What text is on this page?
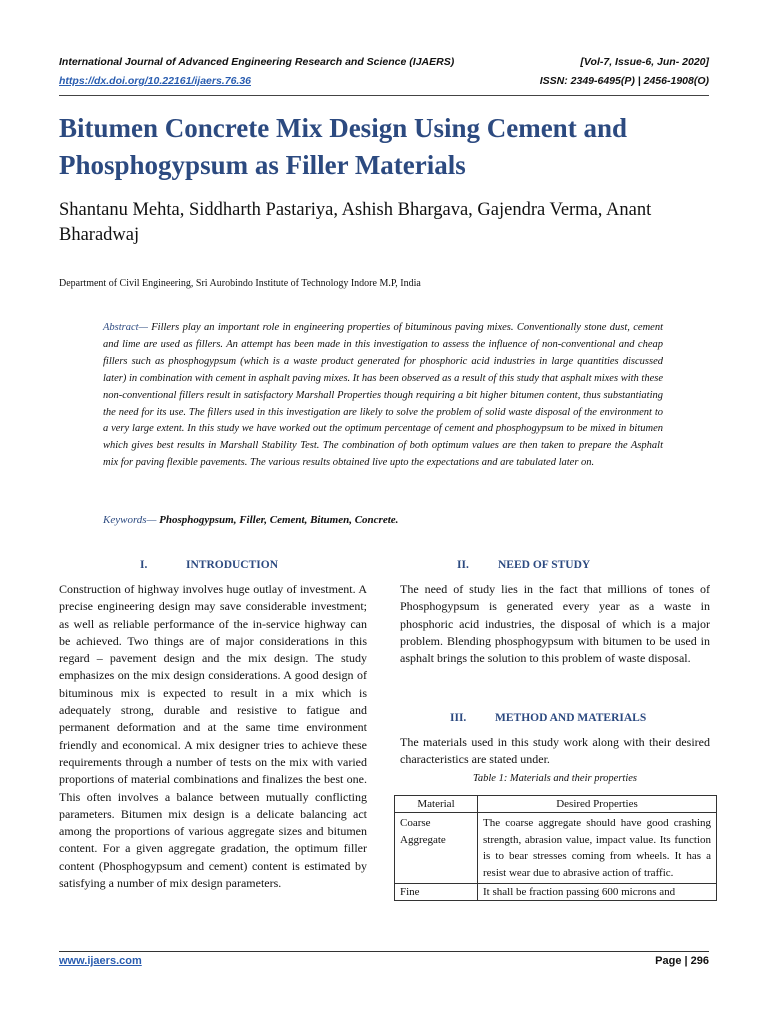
International Journal of Advanced Engineering Research and Science (IJAERS)	[Vol-7, Issue-6, Jun- 2020]
https://dx.doi.org/10.22161/ijaers.76.36	ISSN: 2349-6495(P) | 2456-1908(O)
Bitumen Concrete Mix Design Using Cement and Phosphogypsum as Filler Materials
Shantanu Mehta, Siddharth Pastariya, Ashish Bhargava, Gajendra Verma, Anant Bharadwaj
Department of Civil Engineering, Sri Aurobindo Institute of Technology Indore M.P, India
Abstract— Fillers play an important role in engineering properties of bituminous paving mixes. Conventionally stone dust, cement and lime are used as fillers. An attempt has been made in this investigation to assess the influence of non-conventional and cheap fillers such as phosphogypsum (which is a waste product generated for phosphoric acid industries in large quantities discussed later) in combination with cement in asphalt paving mixes. It has been observed as a result of this study that asphalt mixes with these non-conventional fillers result in satisfactory Marshall Properties though requiring a bit higher bitumen content, thus substantiating the need for its use. The fillers used in this investigation are likely to solve the problem of solid waste disposal of the environment to a very large extent. In this study we have worked out the optimum percentage of cement and phosphogypsum to be mixed in bitumen which gives best results in Marshall Stability Test. The combination of both optimum values are then taken to prepare the Asphalt mix for paving flexible pavements. The various results obtained live upto the expectations and are tabulated later on.
Keywords— Phosphogypsum, Filler, Cement, Bitumen, Concrete.
I.	INTRODUCTION
Construction of highway involves huge outlay of investment. A precise engineering design may save considerable investment; as well as reliable performance of the in-service highway can be achieved. Two things are of major considerations in this regard – pavement design and the mix design. The study emphasizes on the mix design considerations. A good design of bituminous mix is expected to result in a mix which is adequately strong, durable and resistive to fatigue and permanent deformation and at the same time environment friendly and economical. A mix designer tries to achieve these requirements through a number of tests on the mix with varied proportions of material combinations and finalizes the best one. This often involves a balance between mutually conflicting parameters. Bitumen mix design is a delicate balancing act among the proportions of various aggregate sizes and bitumen content. For a given aggregate gradation, the optimum filler content (Phosphogypsum and cement) content is estimated by satisfying a number of mix design parameters.
II.	NEED OF STUDY
The need of study lies in the fact that millions of tones of Phosphogypsum is generated every year as a waste in phosphoric acid industries, the disposal of which is a major problem. Blending phosphogypsum with bitumen to be used in asphalt brings the solution to this problem of waste disposal.
III.	METHOD AND MATERIALS
The materials used in this study work along with their desired characteristics are stated under.
Table 1: Materials and their properties
Material	Desired Properties
Coarse Aggregate	The coarse aggregate should have good crashing strength, abrasion value, impact value. Its function is to bear stresses coming from wheels. It has a resist wear due to abrasive action of traffic.
Fine	It shall be fraction passing 600 microns and
www.ijaers.com	Page | 296
